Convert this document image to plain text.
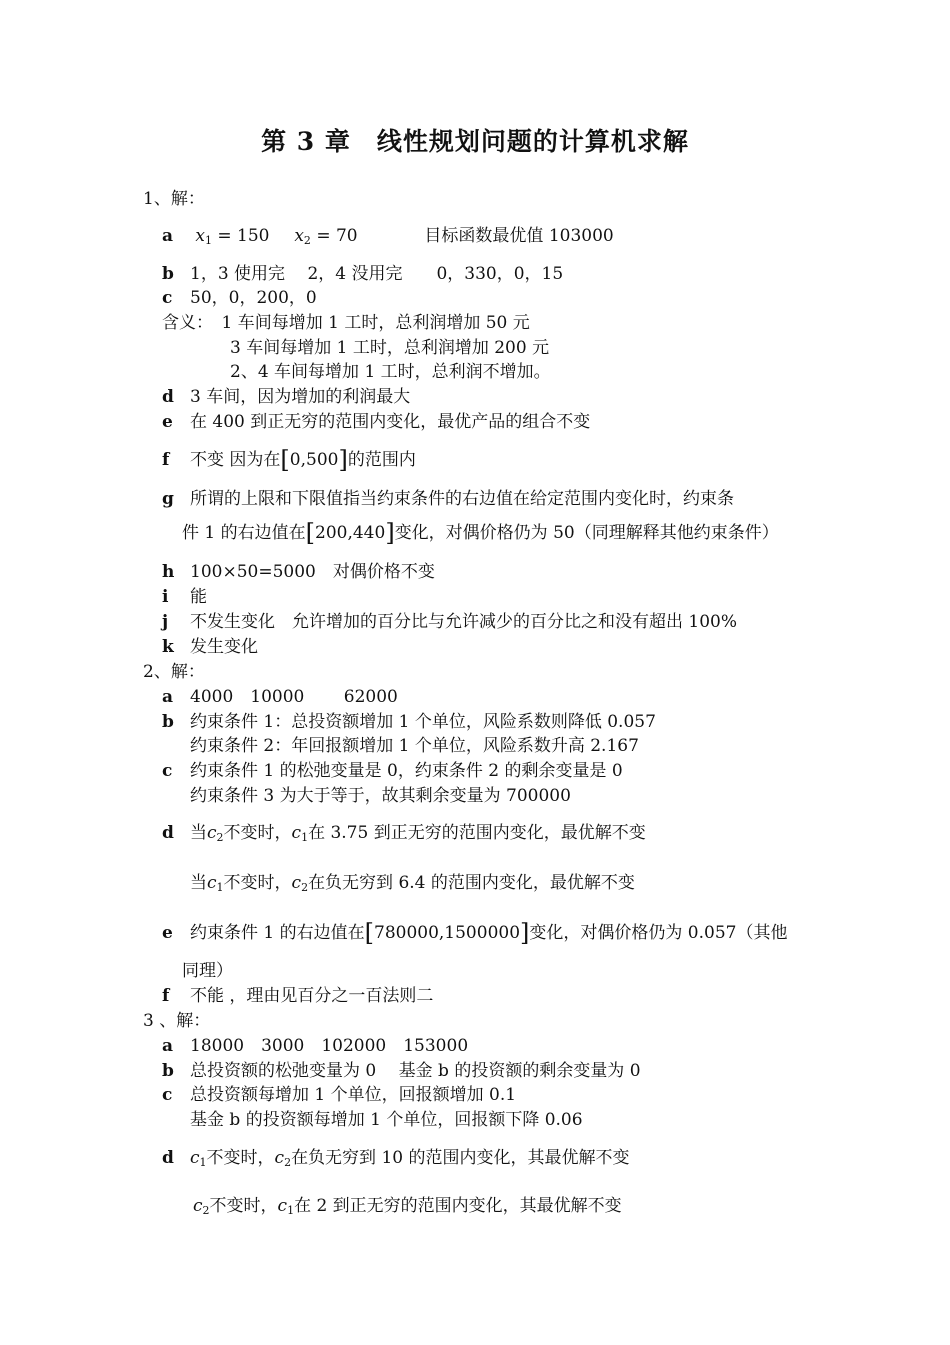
第 3 章　线性规划问题的计算机求解
1、解：
a $x_1 = 150$ $x_2 = 70$	目标函数最优值 103000
b 1，3 使用完　 2，4 没用完　　0，330，0，15
c 50，0，200，0
含义：　1 车间每增加 1 工时，总利润增加 50 元
3 车间每增加 1 工时，总利润增加 200 元
2、4 车间每增加 1 工时，总利润不增加。
d 3 车间，因为增加的利润最大
e 在 400 到正无穷的范围内变化，最优产品的组合不变
f 不变 因为在[0,500]的范围内
g 所谓的上限和下限值指当约束条件的右边值在给定范围内变化时，约束条
件 1 的右边值在[200,440]变化，对偶价格仍为 50（同理解释其他约束条件）
h 100×50=5000　对偶价格不变
i 能
j 不发生变化　允许增加的百分比与允许减少的百分比之和没有超出 100%
k 发生变化
2、解：
a 4000　10000　　 62000
b 约束条件 1：总投资额增加 1 个单位，风险系数则降低 0.057
约束条件 2：年回报额增加 1 个单位，风险系数升高 2.167
c 约束条件 1 的松弛变量是 0，约束条件 2 的剩余变量是 0
约束条件 3 为大于等于，故其剩余变量为 700000
d 当$c_2$不变时，$c_1$在 3.75 到正无穷的范围内变化，最优解不变
当$c_1$不变时，$c_2$在负无穷到 6.4 的范围内变化，最优解不变
e 约束条件 1 的右边值在[780000,1500000]变化，对偶价格仍为 0.057（其他
同理）
f 不能 ，理由见百分之一百法则二
3 、解：
a 18000　3000　102000　153000
b 总投资额的松弛变量为 0　 基金 b 的投资额的剩余变量为 0
c 总投资额每增加 1 个单位，回报额增加 0.1
基金 b 的投资额每增加 1 个单位，回报额下降 0.06
d $c_1$不变时，$c_2$在负无穷到 10 的范围内变化，其最优解不变
$c_2$不变时，$c_1$在 2 到正无穷的范围内变化，其最优解不变
